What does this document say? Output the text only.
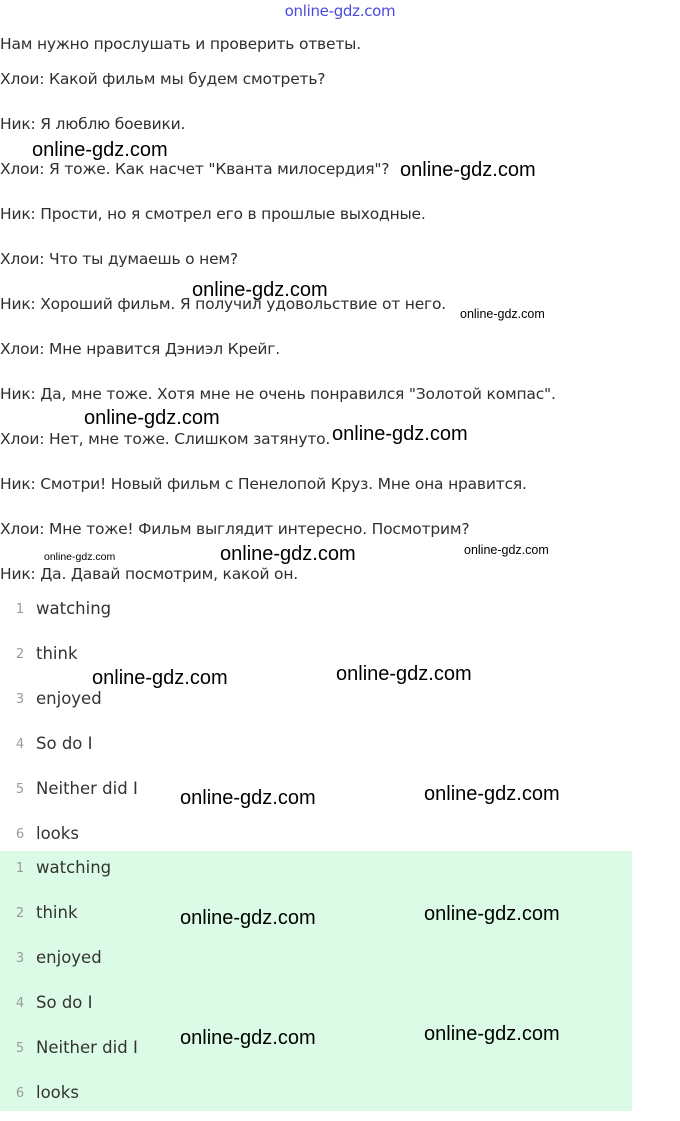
online-gdz.com
Нам нужно прослушать и проверить ответы.
Хлои: Какой фильм мы будем смотреть?
Ник: Я люблю боевики.
Хлои: Я тоже. Как насчет "Кванта милосердия"?
Ник: Прости, но я смотрел его в прошлые выходные.
Хлои: Что ты думаешь о нем?
Ник: Хороший фильм. Я получил удовольствие от него.
Хлои: Мне нравится Дэниэл Крейг.
Ник: Да, мне тоже. Хотя мне не очень понравился "Золотой компас".
Хлои: Нет, мне тоже. Слишком затянуто.
Ник: Смотри! Новый фильм с Пенелопой Круз. Мне она нравится.
Хлои: Мне тоже! Фильм выглядит интересно. Посмотрим?
Ник: Да. Давай посмотрим, какой он.
1 watching
2 think
3 enjoyed
4 So do I
5 Neither did I
6 looks
1 watching
2 think
3 enjoyed
4 So do I
5 Neither did I
6 looks
online-gdz.com
online-gdz.com
online-gdz.com
online-gdz.com
online-gdz.com
online-gdz.com
online-gdz.com	online-gdz.com	online-gdz.com
online-gdz.com	online-gdz.com
online-gdz.com	online-gdz.com
online-gdz.com	online-gdz.com
online-gdz.com	online-gdz.com
